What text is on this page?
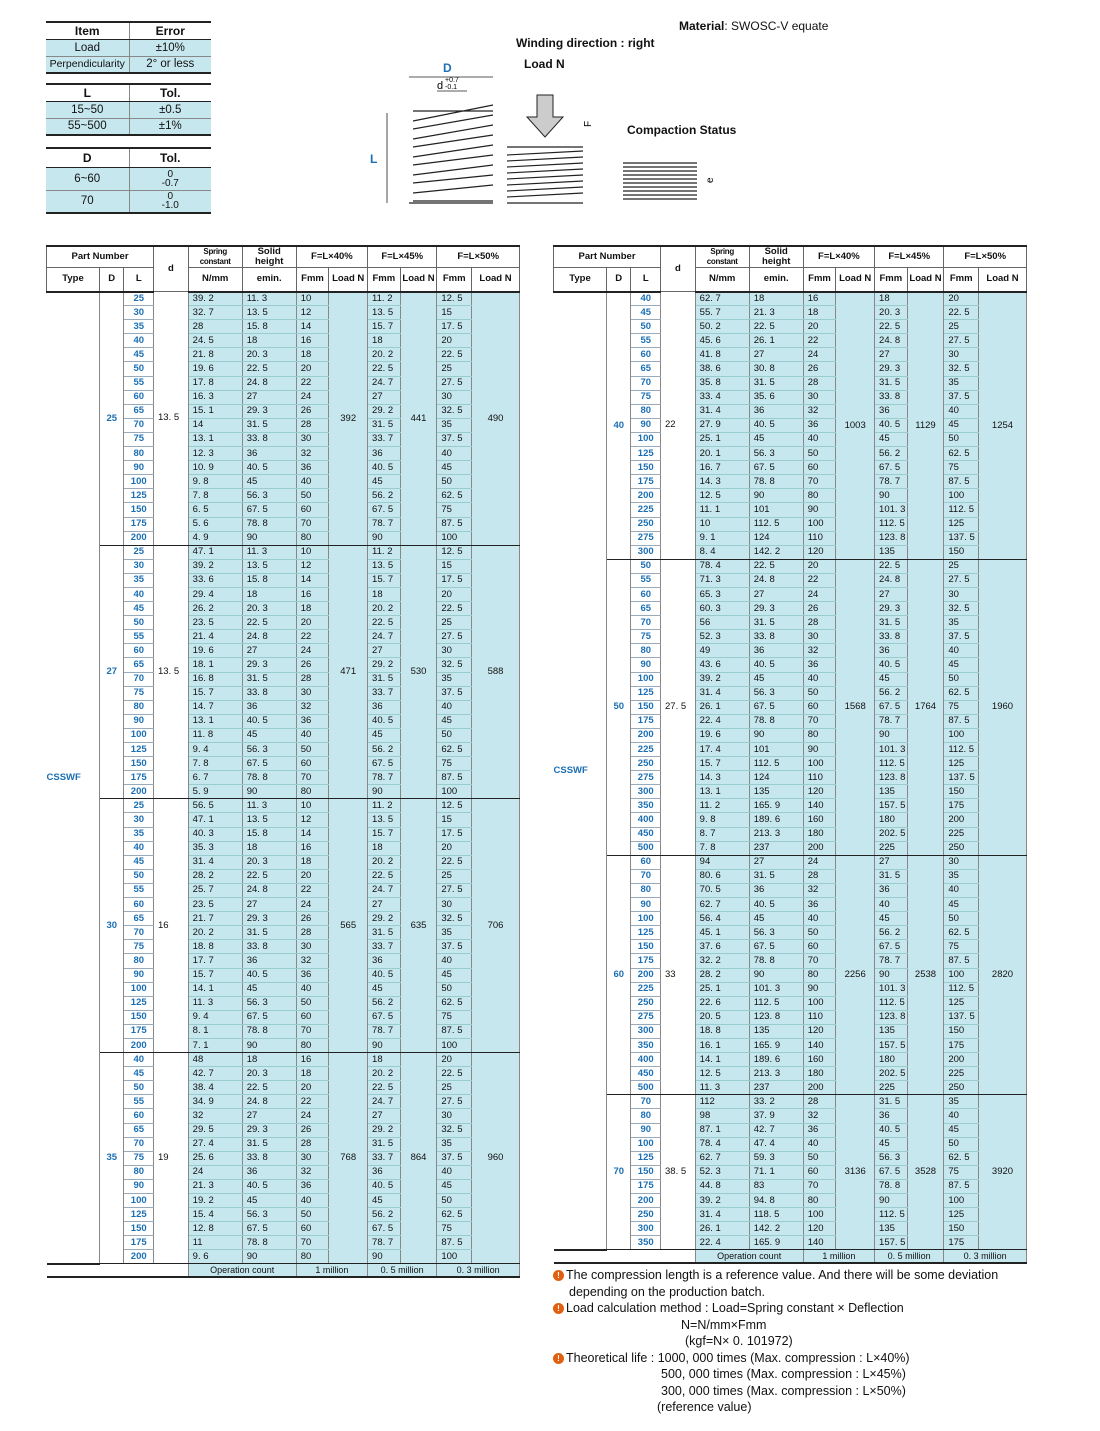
Item	Error
Load	±10%
Perpendicularity	2° or less
L	Tol.
15~50	±0.5
55~500	±1%
D	Tol.
6~60	0
-0.7
70	0
-1.0
Material: SWOSC-V equate
Winding direction : right
Load N
Compaction Status
D
d +0.7
-0.1
L
F
e
Part Number			d	Spring constant	Solid height	F=L×40%		F=L×45%		F=L×50%	
Type	D	L		N/mm	emin.	Fmm	Load N	Fmm	Load N	Fmm	Load N
CSSWF	25	25	13. 5	39. 2	11. 3	10	392	11. 2	441	12. 5	490
		30		32. 7	13. 5	12		13. 5		15	
		35		28	15. 8	14		15. 7		17. 5	
		40		24. 5	18	16		18		20	
		45		21. 8	20. 3	18		20. 2		22. 5	
		50		19. 6	22. 5	20		22. 5		25	
		55		17. 8	24. 8	22		24. 7		27. 5	
		60		16. 3	27	24		27		30	
		65		15. 1	29. 3	26		29. 2		32. 5	
		70		14	31. 5	28		31. 5		35	
		75		13. 1	33. 8	30		33. 7		37. 5	
		80		12. 3	36	32		36		40	
		90		10. 9	40. 5	36		40. 5		45	
		100		9. 8	45	40		45		50	
		125		7. 8	56. 3	50		56. 2		62. 5	
		150		6. 5	67. 5	60		67. 5		75	
		175		5. 6	78. 8	70		78. 7		87. 5	
		200		4. 9	90	80		90		100	
	27	25	13. 5	47. 1	11. 3	10	471	11. 2	530	12. 5	588
		30		39. 2	13. 5	12		13. 5		15	
		35		33. 6	15. 8	14		15. 7		17. 5	
		40		29. 4	18	16		18		20	
		45		26. 2	20. 3	18		20. 2		22. 5	
		50		23. 5	22. 5	20		22. 5		25	
		55		21. 4	24. 8	22		24. 7		27. 5	
		60		19. 6	27	24		27		30	
		65		18. 1	29. 3	26		29. 2		32. 5	
		70		16. 8	31. 5	28		31. 5		35	
		75		15. 7	33. 8	30		33. 7		37. 5	
		80		14. 7	36	32		36		40	
		90		13. 1	40. 5	36		40. 5		45	
		100		11. 8	45	40		45		50	
		125		9. 4	56. 3	50		56. 2		62. 5	
		150		7. 8	67. 5	60		67. 5		75	
		175		6. 7	78. 8	70		78. 7		87. 5	
		200		5. 9	90	80		90		100	
	30	25	16	56. 5	11. 3	10	565	11. 2	635	12. 5	706
		30		47. 1	13. 5	12		13. 5		15	
		35		40. 3	15. 8	14		15. 7		17. 5	
		40		35. 3	18	16		18		20	
		45		31. 4	20. 3	18		20. 2		22. 5	
		50		28. 2	22. 5	20		22. 5		25	
		55		25. 7	24. 8	22		24. 7		27. 5	
		60		23. 5	27	24		27		30	
		65		21. 7	29. 3	26		29. 2		32. 5	
		70		20. 2	31. 5	28		31. 5		35	
		75		18. 8	33. 8	30		33. 7		37. 5	
		80		17. 7	36	32		36		40	
		90		15. 7	40. 5	36		40. 5		45	
		100		14. 1	45	40		45		50	
		125		11. 3	56. 3	50		56. 2		62. 5	
		150		9. 4	67. 5	60		67. 5		75	
		175		8. 1	78. 8	70		78. 7		87. 5	
		200		7. 1	90	80		90		100	
	35	40	19	48	18	16	768	18	864	20	960
		45		42. 7	20. 3	18		20. 2		22. 5	
		50		38. 4	22. 5	20		22. 5		25	
		55		34. 9	24. 8	22		24. 7		27. 5	
		60		32	27	24		27		30	
		65		29. 5	29. 3	26		29. 2		32. 5	
		70		27. 4	31. 5	28		31. 5		35	
		75		25. 6	33. 8	30		33. 7		37. 5	
		80		24	36	32		36		40	
		90		21. 3	40. 5	36		40. 5		45	
		100		19. 2	45	40		45		50	
		125		15. 4	56. 3	50		56. 2		62. 5	
		150		12. 8	67. 5	60		67. 5		75	
		175		11	78. 8	70		78. 7		87. 5	
		200		9. 6	90	80		90		100	
				Operation count		1 million		0. 5 million		0. 3 million	
Part Number			d	Spring constant	Solid height	F=L×40%		F=L×45%		F=L×50%	
Type	D	L		N/mm	emin.	Fmm	Load N	Fmm	Load N	Fmm	Load N
CSSWF	40	40	22	62. 7	18	16	1003	18	1129	20	1254
		45		55. 7	21. 3	18		20. 3		22. 5	
		50		50. 2	22. 5	20		22. 5		25	
		55		45. 6	26. 1	22		24. 8		27. 5	
		60		41. 8	27	24		27		30	
		65		38. 6	30. 8	26		29. 3		32. 5	
		70		35. 8	31. 5	28		31. 5		35	
		75		33. 4	35. 6	30		33. 8		37. 5	
		80		31. 4	36	32		36		40	
		90		27. 9	40. 5	36		40. 5		45	
		100		25. 1	45	40		45		50	
		125		20. 1	56. 3	50		56. 2		62. 5	
		150		16. 7	67. 5	60		67. 5		75	
		175		14. 3	78. 8	70		78. 7		87. 5	
		200		12. 5	90	80		90		100	
		225		11. 1	101	90		101. 3		112. 5	
		250		10	112. 5	100		112. 5		125	
		275		9. 1	124	110		123. 8		137. 5	
		300		8. 4	142. 2	120		135		150	
	50	50	27. 5	78. 4	22. 5	20	1568	22. 5	1764	25	1960
		55		71. 3	24. 8	22		24. 8		27. 5	
		60		65. 3	27	24		27		30	
		65		60. 3	29. 3	26		29. 3		32. 5	
		70		56	31. 5	28		31. 5		35	
		75		52. 3	33. 8	30		33. 8		37. 5	
		80		49	36	32		36		40	
		90		43. 6	40. 5	36		40. 5		45	
		100		39. 2	45	40		45		50	
		125		31. 4	56. 3	50		56. 2		62. 5	
		150		26. 1	67. 5	60		67. 5		75	
		175		22. 4	78. 8	70		78. 7		87. 5	
		200		19. 6	90	80		90		100	
		225		17. 4	101	90		101. 3		112. 5	
		250		15. 7	112. 5	100		112. 5		125	
		275		14. 3	124	110		123. 8		137. 5	
		300		13. 1	135	120		135		150	
		350		11. 2	165. 9	140		157. 5		175	
		400		9. 8	189. 6	160		180		200	
		450		8. 7	213. 3	180		202. 5		225	
		500		7. 8	237	200		225		250	
	60	60	33	94	27	24	2256	27	2538	30	2820
		70		80. 6	31. 5	28		31. 5		35	
		80		70. 5	36	32		36		40	
		90		62. 7	40. 5	36		40		45	
		100		56. 4	45	40		45		50	
		125		45. 1	56. 3	50		56. 2		62. 5	
		150		37. 6	67. 5	60		67. 5		75	
		175		32. 2	78. 8	70		78. 7		87. 5	
		200		28. 2	90	80		90		100	
		225		25. 1	101. 3	90		101. 3		112. 5	
		250		22. 6	112. 5	100		112. 5		125	
		275		20. 5	123. 8	110		123. 8		137. 5	
		300		18. 8	135	120		135		150	
		350		16. 1	165. 9	140		157. 5		175	
		400		14. 1	189. 6	160		180		200	
		450		12. 5	213. 3	180		202. 5		225	
		500		11. 3	237	200		225		250	
	70	70	38. 5	112	33. 2	28	3136	31. 5	3528	35	3920
		80		98	37. 9	32		36		40	
		90		87. 1	42. 7	36		40. 5		45	
		100		78. 4	47. 4	40		45		50	
		125		62. 7	59. 3	50		56. 3		62. 5	
		150		52. 3	71. 1	60		67. 5		75	
		175		44. 8	83	70		78. 8		87. 5	
		200		39. 2	94. 8	80		90		100	
		250		31. 4	118. 5	100		112. 5		125	
		300		26. 1	142. 2	120		135		150	
		350		22. 4	165. 9	140		157. 5		175	
				Operation count		1 million		0. 5 million		0. 3 million	
! The compression length is a reference value. And there will be some deviation
depending on the production batch.
! Load calculation method : Load=Spring constant × Deflection
N=N/mm×Fmm
(kgf=N× 0. 101972)
! Theoretical life : 1000, 000 times (Max. compression : L×40%)
500, 000 times (Max. compression : L×45%)
300, 000 times (Max. compression : L×50%)
(reference value)
